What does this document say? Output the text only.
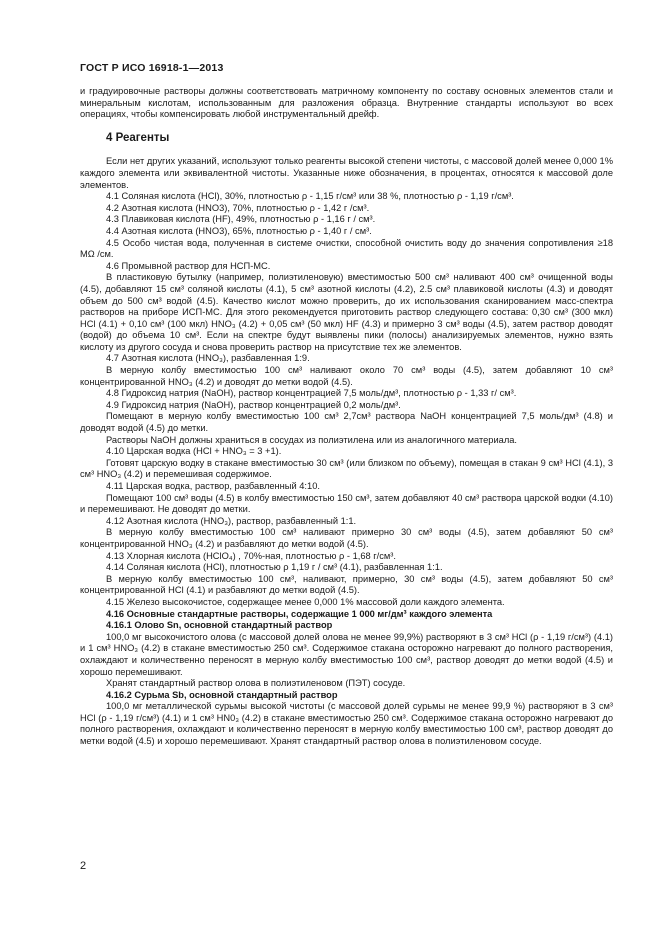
ГОСТ Р ИСО 16918-1—2013

и градуировочные растворы должны соответствовать матричному компоненту по составу основных элементов стали и минеральным кислотам, использованным для разложения образца. Внутренние стандарты используют во всех операциях, чтобы компенсировать любой инструментальный дрейф.

4 Реагенты

Если нет других указаний, используют только реагенты высокой степени чистоты, с массовой долей менее 0,000 1% каждого элемента или эквивалентной чистоты. Указанные ниже обозначения, в процентах, относятся к массовой доле элементов.

4.1 Соляная кислота (HCl), 30%, плотностью ρ - 1,15 г/см³ или 38 %, плотностью ρ - 1,19 г/см³.

4.2 Азотная кислота (HNO3), 70%, плотностью ρ - 1,42 г /см³.

4.3 Плавиковая кислота (HF), 49%, плотностью ρ - 1,16 г / см³.

4.4 Азотная кислота (HNO3), 65%, плотностью ρ - 1,40 г / см³.

4.5 Особо чистая вода, полученная в системе очистки, способной очистить воду до значения сопротивления ≥18 MΩ /см.

4.6 Промывной раствор для НСП-МС.

В пластиковую бутылку (например, полиэтиленовую) вместимостью 500 см³ наливают 400 см³ очищенной воды (4.5), добавляют 15 см³ соляной кислоты (4.1), 5 см³ азотной кислоты (4.2), 2.5 см³ плавиковой кислоты (4.3) и доводят объем до 500 см³ водой (4.5). Качество кислот можно проверить, до их использования сканированием масс-спектра растворов на приборе ИСП-МС. Для этого рекомендуется приготовить раствор следующего состава: 0,30 см³ (300 мкл) HCl (4.1) + 0,10 см³ (100 мкл) HNO₃ (4.2) + 0,05 см³ (50 мкл) HF (4.3) и примерно 3 см³ воды (4.5), затем раствор доводят (водой) до объема 10 см³. Если на спектре будут выявлены пики (полосы) анализируемых элементов, нужно взять кислоту из другого сосуда и снова проверить раствор на присутствие тех же элементов.

4.7 Азотная кислота (HNO₃), разбавленная 1:9.

В мерную колбу вместимостью 100 см³ наливают около 70 см³ воды (4.5), затем добавляют 10 см³ концентрированной HNO₃ (4.2) и доводят до метки водой (4.5).

4.8 Гидроксид натрия (NaOH), раствор концентрацией 7,5 моль/дм³, плотностью ρ - 1,33 г/ см³.

4.9 Гидроксид натрия (NaOH), раствор концентрацией 0,2 моль/дм³.

Помещают в мерную колбу вместимостью 100 см³ 2,7см³ раствора NaOH концентрацией 7,5 моль/дм³ (4.8) и доводят водой (4.5) до метки.

Растворы NaOH должны храниться в сосудах из полиэтилена или из аналогичного материала.

4.10 Царская водка (HCl + HNO₃ = 3 +1).

Готовят царскую водку в стакане вместимостью 30 см³ (или близком по объему), помещая в стакан 9 см³ HCl (4.1), 3 см³ HNO₃ (4.2) и перемешивая содержимое.

4.11 Царская водка, раствор, разбавленный 4:10.

Помещают 100 см³ воды (4.5) в колбу вместимостью 150 см³, затем добавляют 40 см³ раствора царской водки (4.10) и перемешивают. Не доводят до метки.

4.12 Азотная кислота (HNO₃), раствор, разбавленный 1:1.

В мерную колбу вместимостью 100 см³ наливают примерно 30 см³ воды (4.5), затем добавляют 50 см³ концентрированной HNO₃ (4.2) и разбавляют до метки водой (4.5).

4.13 Хлорная кислота (HClO₄) , 70%-ная, плотностью ρ - 1,68 г/см³.

4.14 Соляная кислота (HCl), плотностью ρ 1,19 г / см³ (4.1), разбавленная 1:1.

В мерную колбу вместимостью 100 см³, наливают, примерно, 30 см³ воды (4.5), затем добавляют 50 см³ концентрированной HCl (4.1) и разбавляют до метки водой (4.5).

4.15 Железо высокочистое, содержащее менее 0,000 1% массовой доли каждого элемента.

4.16 Основные стандартные растворы, содержащие 1 000 мг/дм³ каждого элемента

4.16.1 Олово Sn, основной стандартный раствор

100,0 мг высокочистого олова (с массовой долей олова не менее 99,9%) растворяют в 3 см³ HCl (ρ - 1,19 г/см³) (4.1) и 1 см³ HNO₃ (4.2) в стакане вместимостью 250 см³. Содержимое стакана осторожно нагревают до полного растворения, охлаждают и количественно переносят в мерную колбу вместимостью 100 см³, раствор доводят до метки водой (4.5) и хорошо перемешивают.

Хранят стандартный раствор олова в полиэтиленовом (ПЭТ) сосуде.

4.16.2 Сурьма Sb, основной стандартный раствор

100,0 мг металлической сурьмы высокой чистоты (с массовой долей сурьмы не менее 99,9 %) растворяют в 3 см³ HCl (ρ - 1,19 г/см³) (4.1) и 1 см³ HN0₃ (4.2) в стакане вместимостью 250 см³. Содержимое стакана осторожно нагревают до полного растворения, охлаждают и количественно переносят в мерную колбу вместимостью 100 см³, раствор доводят до метки водой (4.5) и хорошо перемешивают. Хранят стандартный раствор олова в полиэтиленовом сосуде.

2
